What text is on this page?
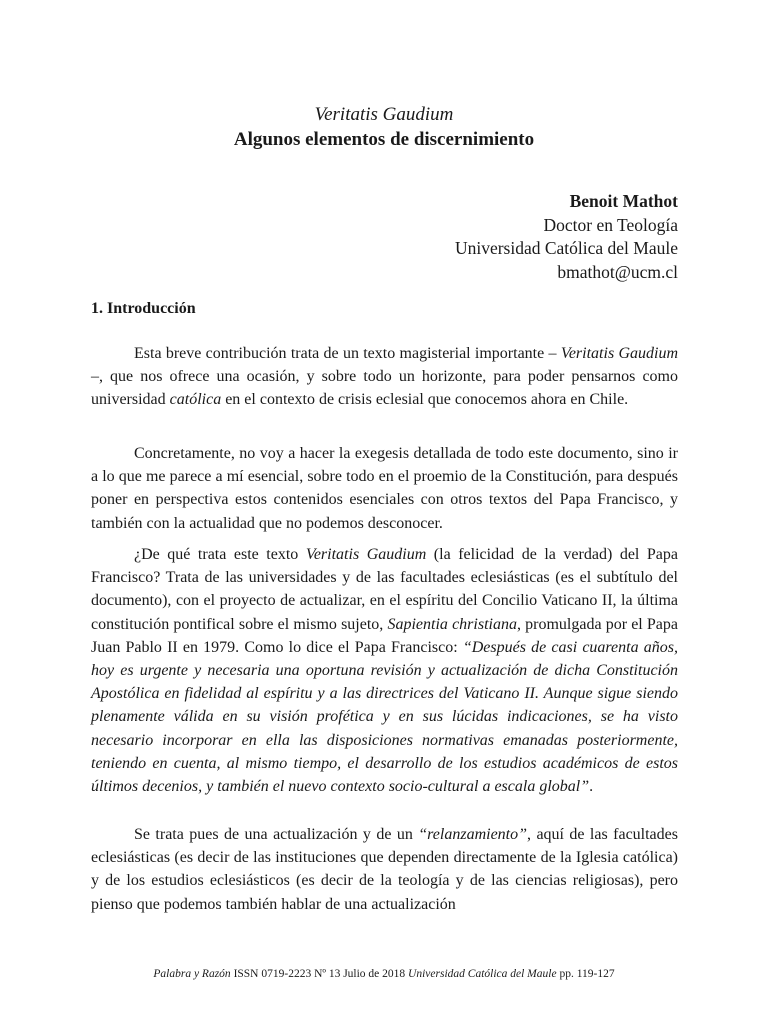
Veritatis Gaudium
Algunos elementos de discernimiento
Benoit Mathot
Doctor en Teología
Universidad Católica del Maule
bmathot@ucm.cl
1. Introducción

Esta breve contribución trata de un texto magisterial importante – Veritatis Gaudium –, que nos ofrece una ocasión, y sobre todo un horizonte, para poder pensarnos como universidad católica en el contexto de crisis eclesial que conocemos ahora en Chile.

Concretamente, no voy a hacer la exegesis detallada de todo este documento, sino ir a lo que me parece a mí esencial, sobre todo en el proemio de la Constitución, para después poner en perspectiva estos contenidos esenciales con otros textos del Papa Francisco, y también con la actualidad que no podemos desconocer.

¿De qué trata este texto Veritatis Gaudium (la felicidad de la verdad) del Papa Francisco? Trata de las universidades y de las facultades eclesiásticas (es el subtítulo del documento), con el proyecto de actualizar, en el espíritu del Concilio Vaticano II, la última constitución pontifical sobre el mismo sujeto, Sapientia christiana, promulgada por el Papa Juan Pablo II en 1979. Como lo dice el Papa Francisco: “Después de casi cuarenta años, hoy es urgente y necesaria una oportuna revisión y actualización de dicha Constitución Apostólica en fidelidad al espíritu y a las directrices del Vaticano II. Aunque sigue siendo plenamente válida en su visión profética y en sus lúcidas indicaciones, se ha visto necesario incorporar en ella las disposiciones normativas emanadas posteriormente, teniendo en cuenta, al mismo tiempo, el desarrollo de los estudios académicos de estos últimos decenios, y también el nuevo contexto socio-cultural a escala global”.

Se trata pues de una actualización y de un “relanzamiento”, aquí de las facultades eclesiásticas (es decir de las instituciones que dependen directamente de la Iglesia católica) y de los estudios eclesiásticos (es decir de la teología y de las ciencias religiosas), pero pienso que podemos también hablar de una actualización

Palabra y Razón ISSN 0719-2223 Nº 13 Julio de 2018 Universidad Católica del Maule pp. 119-127
